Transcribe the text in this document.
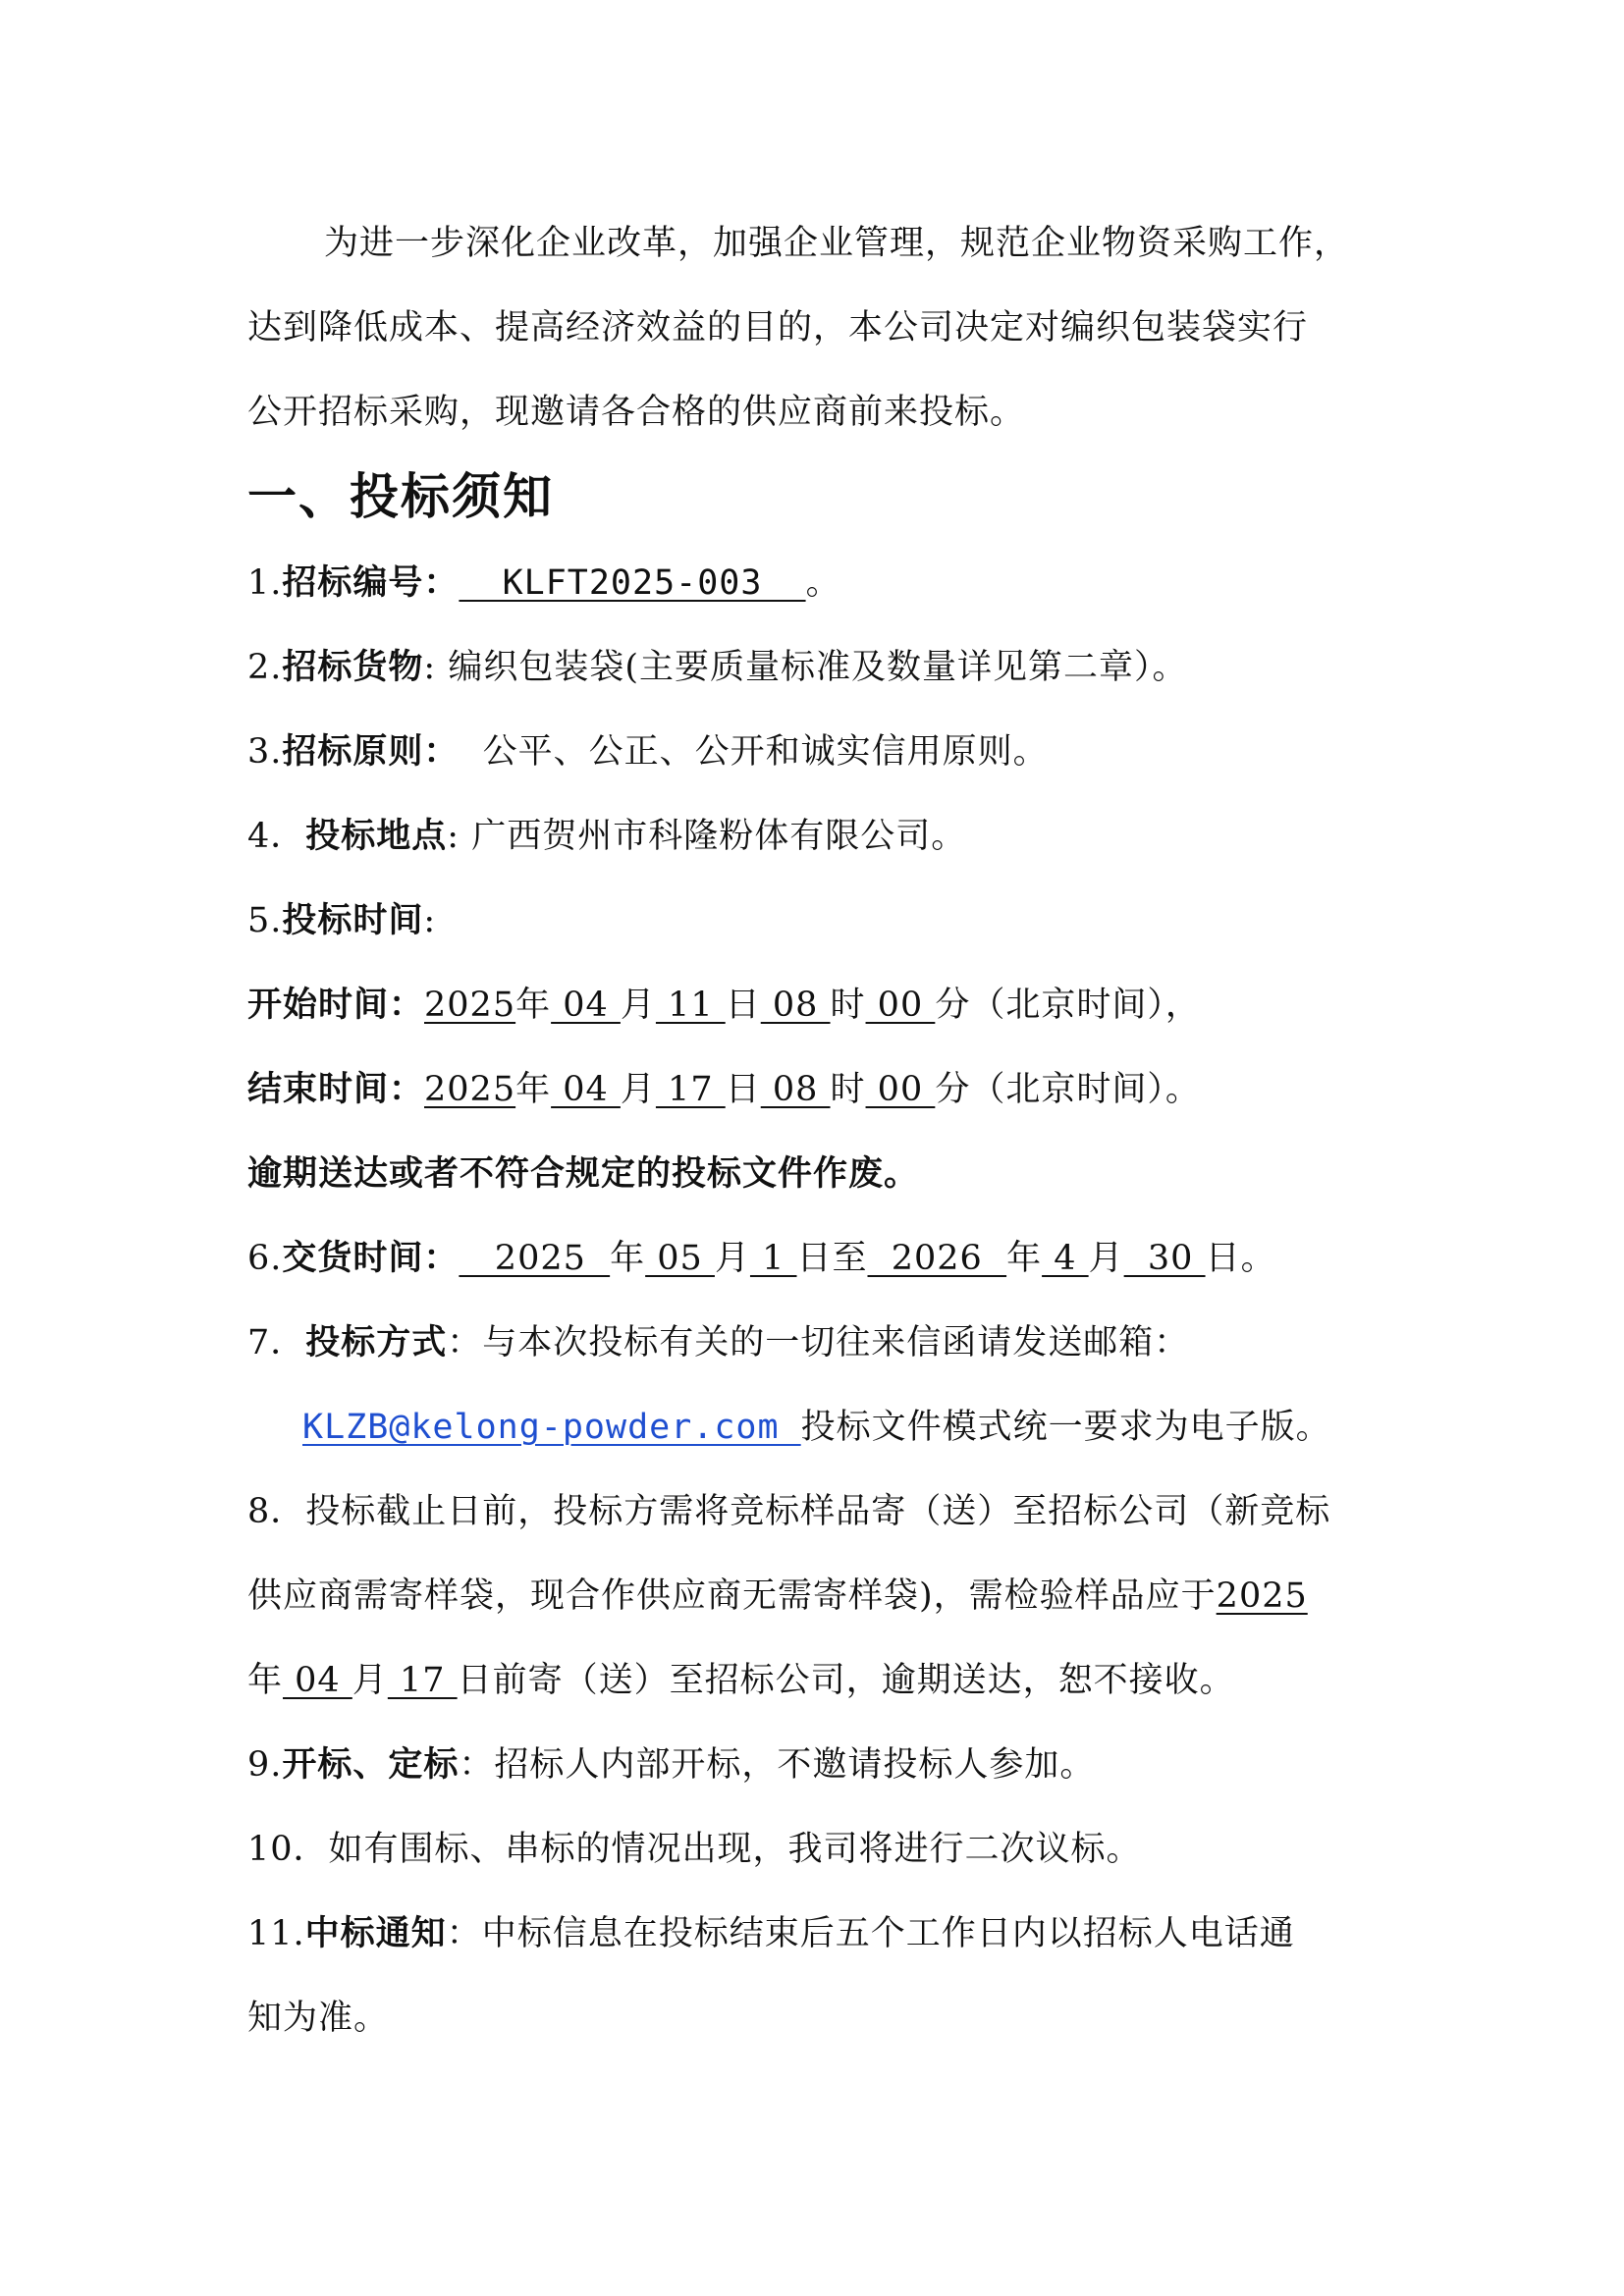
为进一步深化企业改革，加强企业管理，规范企业物资采购工作，
达到降低成本、提高经济效益的目的，本公司决定对编织包装袋实行
公开招标采购，现邀请各合格的供应商前来投标。
一、投标须知
1.招标编号：  KLFT2025-003  。
2.招标货物: 编织包装袋(主要质量标准及数量详见第二章）。
3.招标原则：  公平、公正、公开和诚实信用原则。
4．投标地点: 广西贺州市科隆粉体有限公司。
5.投标时间:
开始时间：2025年 04 月 11 日 08 时 00 分（北京时间），
结束时间：2025年 04 月 17 日 08 时 00 分（北京时间）。
逾期送达或者不符合规定的投标文件作废。
6.交货时间：   2025  年 05 月 1 日至  2026  年 4 月  30 日。
7．投标方式：与本次投标有关的一切往来信函请发送邮箱：
KLZB@kelong-powder.com 投标文件模式统一要求为电子版。
8．投标截止日前，投标方需将竞标样品寄（送）至招标公司（新竞标
供应商需寄样袋，现合作供应商无需寄样袋)，需检验样品应于2025
年 04 月 17 日前寄（送）至招标公司，逾期送达，恕不接收。
9.开标、定标：招标人内部开标，不邀请投标人参加。
10．如有围标、串标的情况出现，我司将进行二次议标。
11.中标通知：中标信息在投标结束后五个工作日内以招标人电话通
知为准。
